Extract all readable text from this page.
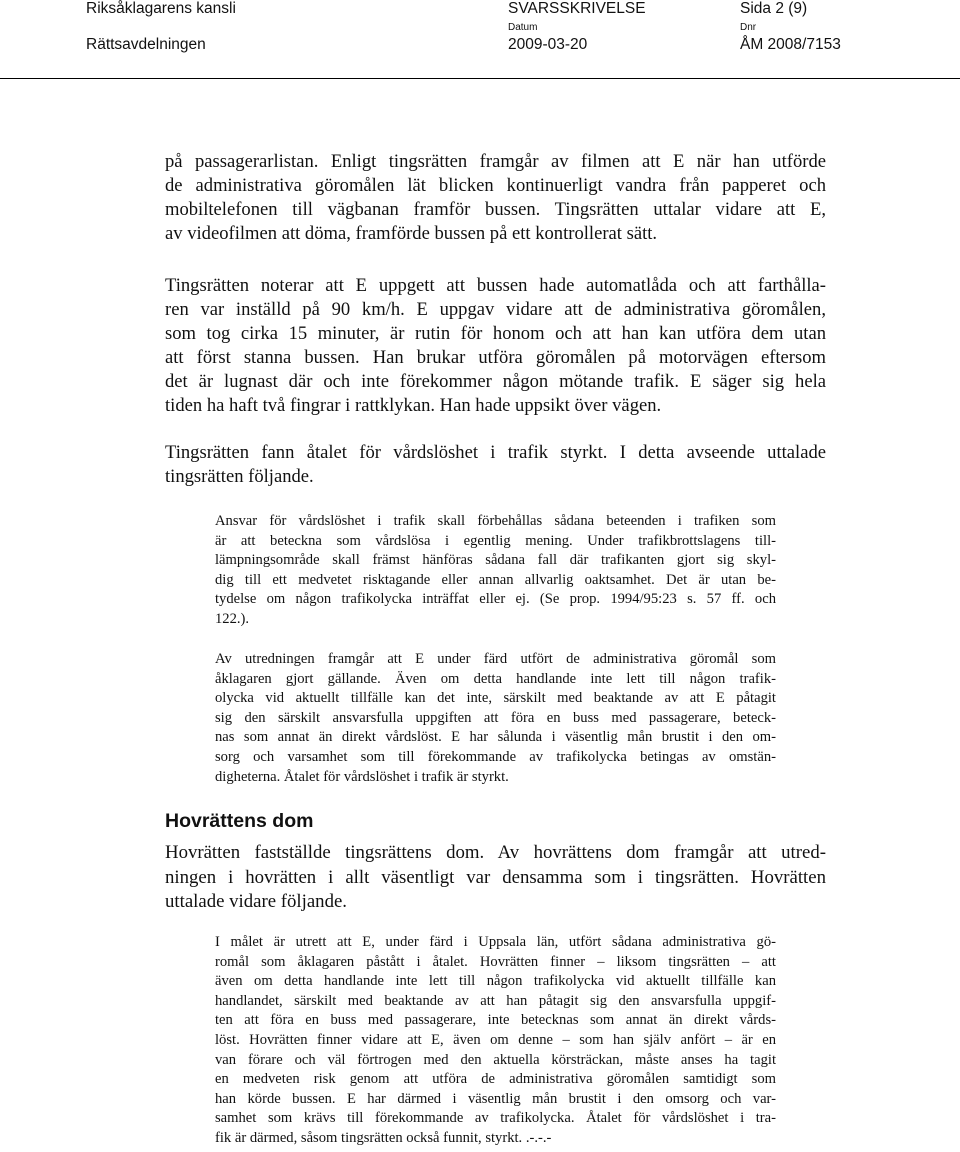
Riksåklagarens kansli
Rättsavdelningen
SVARSSKRIVELSE	Sida 2 (9)
Datum
2009-03-20
Dnr
ÅM 2008/7153
på passagerarlistan. Enligt tingsrätten framgår av filmen att E när han utförde
de administrativa göromålen lät blicken kontinuerligt vandra från papperet och
mobiltelefonen till vägbanan framför bussen. Tingsrätten uttalar vidare att E,
av videofilmen att döma, framförde bussen på ett kontrollerat sätt.
Tingsrätten noterar att E uppgett att bussen hade automatlåda och att farthålla-
ren var inställd på 90 km/h. E uppgav vidare att de administrativa göromålen,
som tog cirka 15 minuter, är rutin för honom och att han kan utföra dem utan
att först stanna bussen. Han brukar utföra göromålen på motorvägen eftersom
det är lugnast där och inte förekommer någon mötande trafik. E säger sig hela
tiden ha haft två fingrar i rattklykan. Han hade uppsikt över vägen.
Tingsrätten fann åtalet för vårdslöshet i trafik styrkt. I detta avseende uttalade
tingsrätten följande.
Ansvar för vårdslöshet i trafik skall förbehållas sådana beteenden i trafiken som
är att beteckna som vårdslösa i egentlig mening. Under trafikbrottslagens till-
lämpningsområde skall främst hänföras sådana fall där trafikanten gjort sig skyl-
dig till ett medvetet risktagande eller annan allvarlig oaktsamhet. Det är utan be-
tydelse om någon trafikolycka inträffat eller ej. (Se prop. 1994/95:23 s. 57 ff. och
122.).
Av utredningen framgår att E under färd utfört de administrativa göromål som
åklagaren gjort gällande. Även om detta handlande inte lett till någon trafik-
olycka vid aktuellt tillfälle kan det inte, särskilt med beaktande av att E påtagit
sig den särskilt ansvarsfulla uppgiften att föra en buss med passagerare, beteck-
nas som annat än direkt vårdslöst. E har sålunda i väsentlig mån brustit i den om-
sorg och varsamhet som till förekommande av trafikolycka betingas av omstän-
digheterna. Åtalet för vårdslöshet i trafik är styrkt.
Hovrättens dom
Hovrätten fastställde tingsrättens dom. Av hovrättens dom framgår att utred-
ningen i hovrätten i allt väsentligt var densamma som i tingsrätten. Hovrätten
uttalade vidare följande.
I målet är utrett att E, under färd i Uppsala län, utfört sådana administrativa gö-
romål som åklagaren påstått i åtalet. Hovrätten finner – liksom tingsrätten – att
även om detta handlande inte lett till någon trafikolycka vid aktuellt tillfälle kan
handlandet, särskilt med beaktande av att han påtagit sig den ansvarsfulla uppgif-
ten att föra en buss med passagerare, inte betecknas som annat än direkt vårds-
löst. Hovrätten finner vidare att E, även om denne – som han själv anfört – är en
van förare och väl förtrogen med den aktuella körsträckan, måste anses ha tagit
en medveten risk genom att utföra de administrativa göromålen samtidigt som
han körde bussen. E har därmed i väsentlig mån brustit i den omsorg och var-
samhet som krävs till förekommande av trafikolycka. Åtalet för vårdslöshet i tra-
fik är därmed, såsom tingsrätten också funnit, styrkt. .-.-.-
